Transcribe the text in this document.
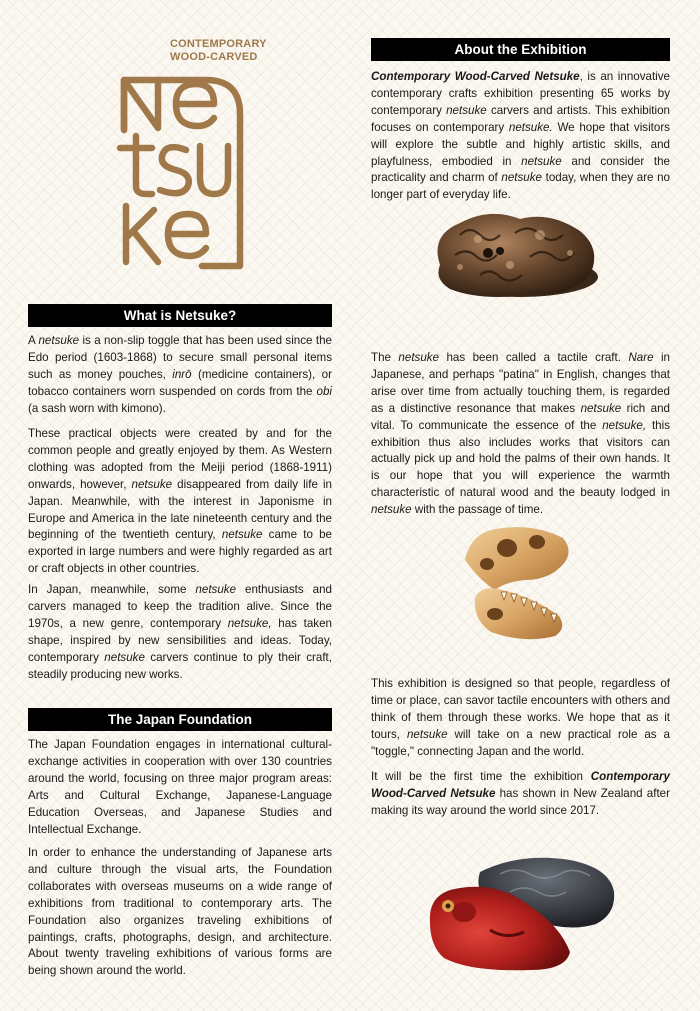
CONTEMPORARY
WOOD-CARVED
What is Netsuke?

A netsuke is a non-slip toggle that has been used since the Edo period (1603-1868) to secure small personal items such as money pouches, inrō (medicine containers), or tobacco containers worn suspended on cords from the obi (a sash worn with kimono).

These practical objects were created by and for the common people and greatly enjoyed by them. As Western clothing was adopted from the Meiji period (1868-1911) onwards, however, netsuke disappeared from daily life in Japan. Meanwhile, with the interest in Japonisme in Europe and America in the late nineteenth century and the beginning of the twentieth century, netsuke came to be exported in large numbers and were highly regarded as art or craft objects in other countries.

In Japan, meanwhile, some netsuke enthusiasts and carvers managed to keep the tradition alive. Since the 1970s, a new genre, contemporary netsuke, has taken shape, inspired by new sensibilities and ideas. Today, contemporary netsuke carvers continue to ply their craft, steadily producing new works.

The Japan Foundation

The Japan Foundation engages in international cultural-exchange activities in cooperation with over 130 countries around the world, focusing on three major program areas: Arts and Cultural Exchange, Japanese-Language Education Overseas, and Japanese Studies and Intellectual Exchange.

In order to enhance the understanding of Japanese arts and culture through the visual arts, the Foundation collaborates with overseas museums on a wide range of exhibitions from traditional to contemporary arts. The Foundation also organizes traveling exhibitions of paintings, crafts, photographs, design, and architecture. About twenty traveling exhibitions of various forms are being shown around the world.

About the Exhibition

Contemporary Wood-Carved Netsuke, is an innovative contemporary crafts exhibition presenting 65 works by contemporary netsuke carvers and artists. This exhibition focuses on contemporary netsuke. We hope that visitors will explore the subtle and highly artistic skills, and playfulness, embodied in netsuke and consider the practicality and charm of netsuke today, when they are no longer part of everyday life.

The netsuke has been called a tactile craft. Nare in Japanese, and perhaps "patina" in English, changes that arise over time from actually touching them, is regarded as a distinctive resonance that makes netsuke rich and vital. To communicate the essence of the netsuke, this exhibition thus also includes works that visitors can actually pick up and hold the palms of their own hands. It is our hope that you will experience the warmth characteristic of natural wood and the beauty lodged in netsuke with the passage of time.

This exhibition is designed so that people, regardless of time or place, can savor tactile encounters with others and think of them through these works. We hope that as it tours, netsuke will take on a new practical role as a "toggle," connecting Japan and the world.

It will be the first time the exhibition Contemporary Wood-Carved Netsuke has shown in New Zealand after making its way around the world since 2017.
